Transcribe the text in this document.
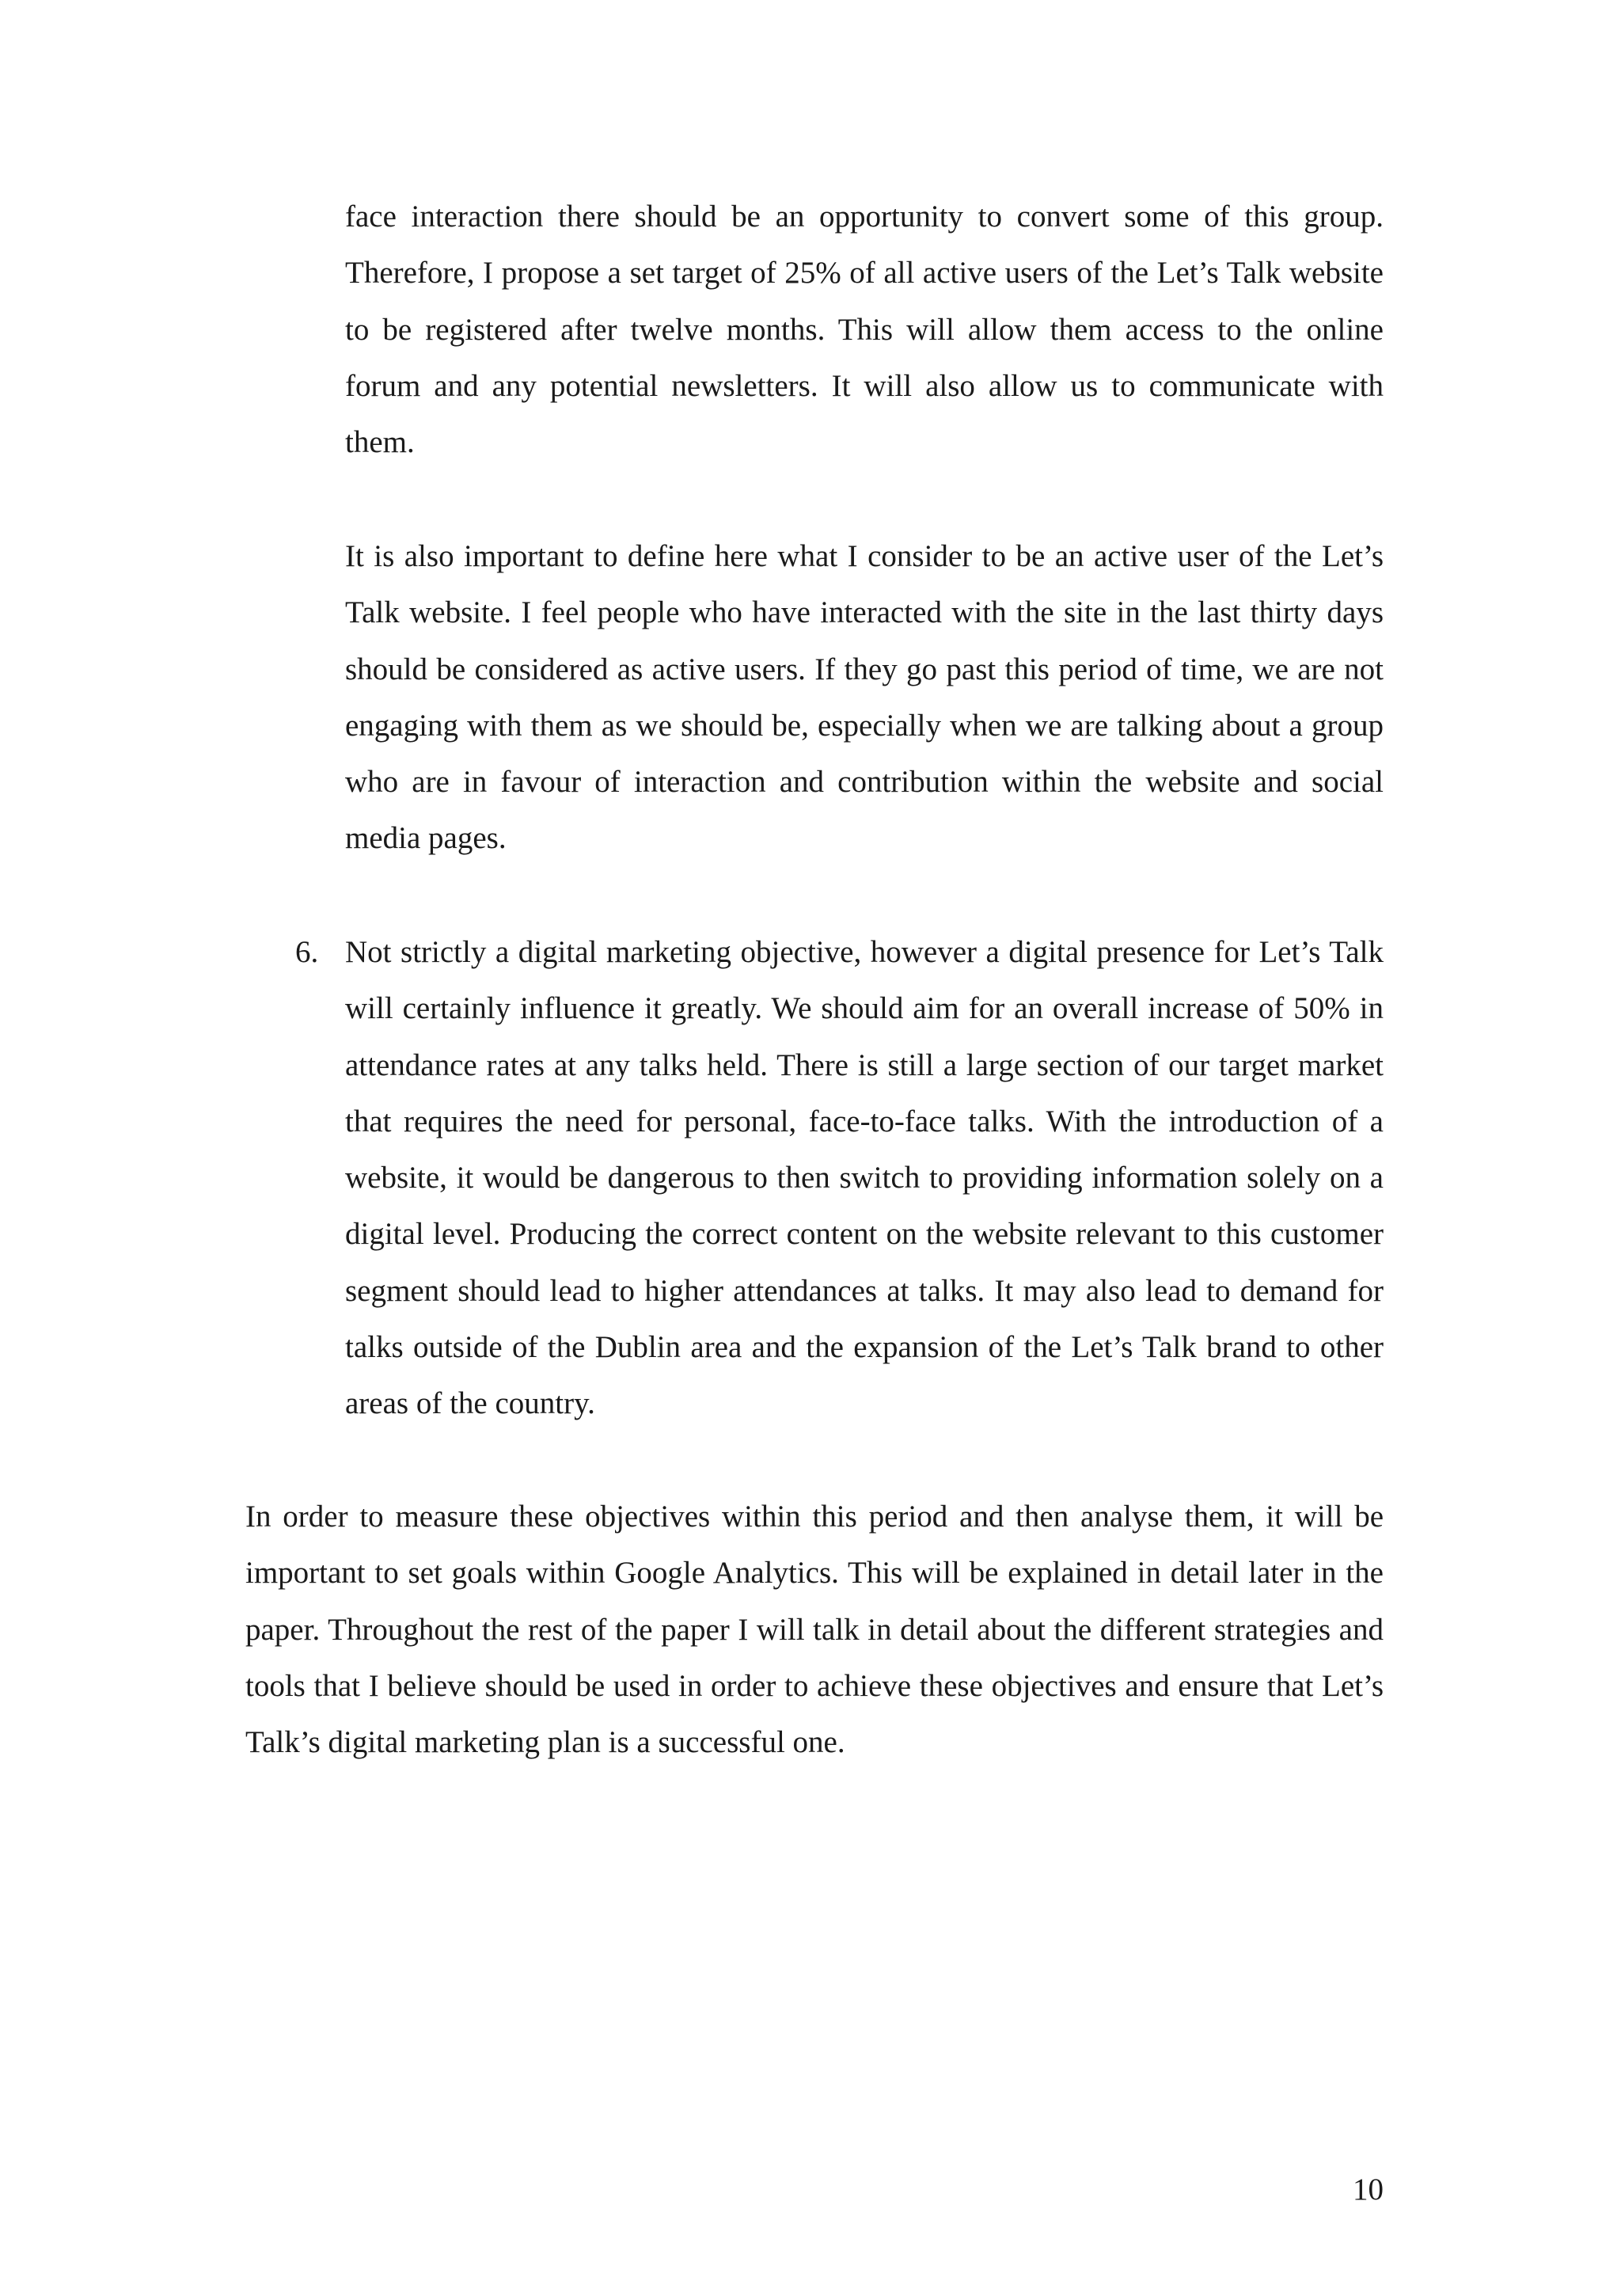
face interaction there should be an opportunity to convert some of this group. Therefore, I propose a set target of 25% of all active users of the Let’s Talk website to be registered after twelve months. This will allow them access to the online forum and any potential newsletters. It will also allow us to communicate with them.

It is also important to define here what I consider to be an active user of the Let’s Talk website. I feel people who have interacted with the site in the last thirty days should be considered as active users. If they go past this period of time, we are not engaging with them as we should be, especially when we are talking about a group who are in favour of interaction and contribution within the website and social media pages.

6. Not strictly a digital marketing objective, however a digital presence for Let’s Talk will certainly influence it greatly. We should aim for an overall increase of 50% in attendance rates at any talks held. There is still a large section of our target market that requires the need for personal, face-to-face talks. With the introduction of a website, it would be dangerous to then switch to providing information solely on a digital level. Producing the correct content on the website relevant to this customer segment should lead to higher attendances at talks. It may also lead to demand for talks outside of the Dublin area and the expansion of the Let’s Talk brand to other areas of the country.

In order to measure these objectives within this period and then analyse them, it will be important to set goals within Google Analytics. This will be explained in detail later in the paper. Throughout the rest of the paper I will talk in detail about the different strategies and tools that I believe should be used in order to achieve these objectives and ensure that Let’s Talk’s digital marketing plan is a successful one.

10
